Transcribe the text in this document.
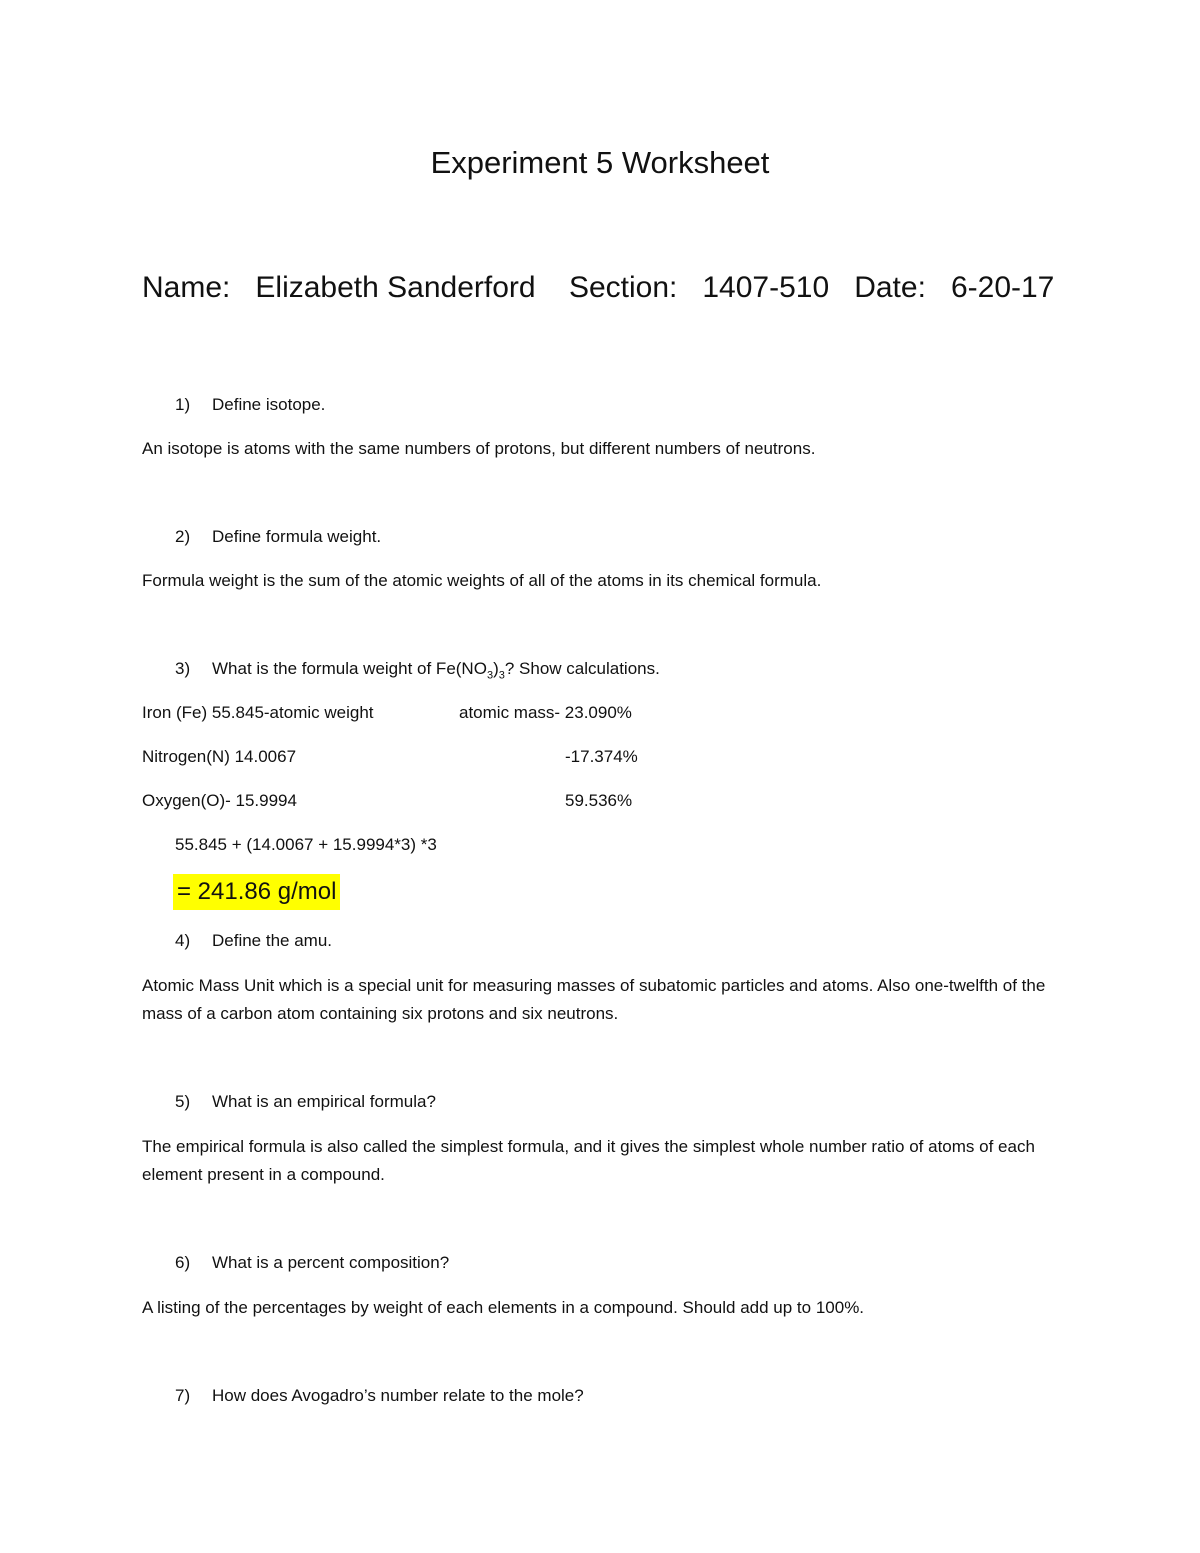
Experiment 5 Worksheet
Name: Elizabeth Sanderford Section: 1407-510 Date: 6-20-17
1) Define isotope.
An isotope is atoms with the same numbers of protons, but different numbers of neutrons.
2) Define formula weight.
Formula weight is the sum of the atomic weights of all of the atoms in its chemical formula.
3) What is the formula weight of $Fe(NO_3)_3$? Show calculations.
Iron (Fe) 55.845-atomic weight	atomic mass- 23.090%
Nitrogen(N) 14.0067	-17.374%
Oxygen(O)- 15.9994	59.536%
55.845 + (14.0067 + 15.9994*3) *3
= 241.86 g/mol
4) Define the amu.
Atomic Mass Unit which is a special unit for measuring masses of subatomic particles and atoms. Also one-twelfth of the mass of a carbon atom containing six protons and six neutrons.
5) What is an empirical formula?
The empirical formula is also called the simplest formula, and it gives the simplest whole number ratio of atoms of each element present in a compound.
6) What is a percent composition?
A listing of the percentages by weight of each elements in a compound. Should add up to 100%.
7) How does Avogadro’s number relate to the mole?
